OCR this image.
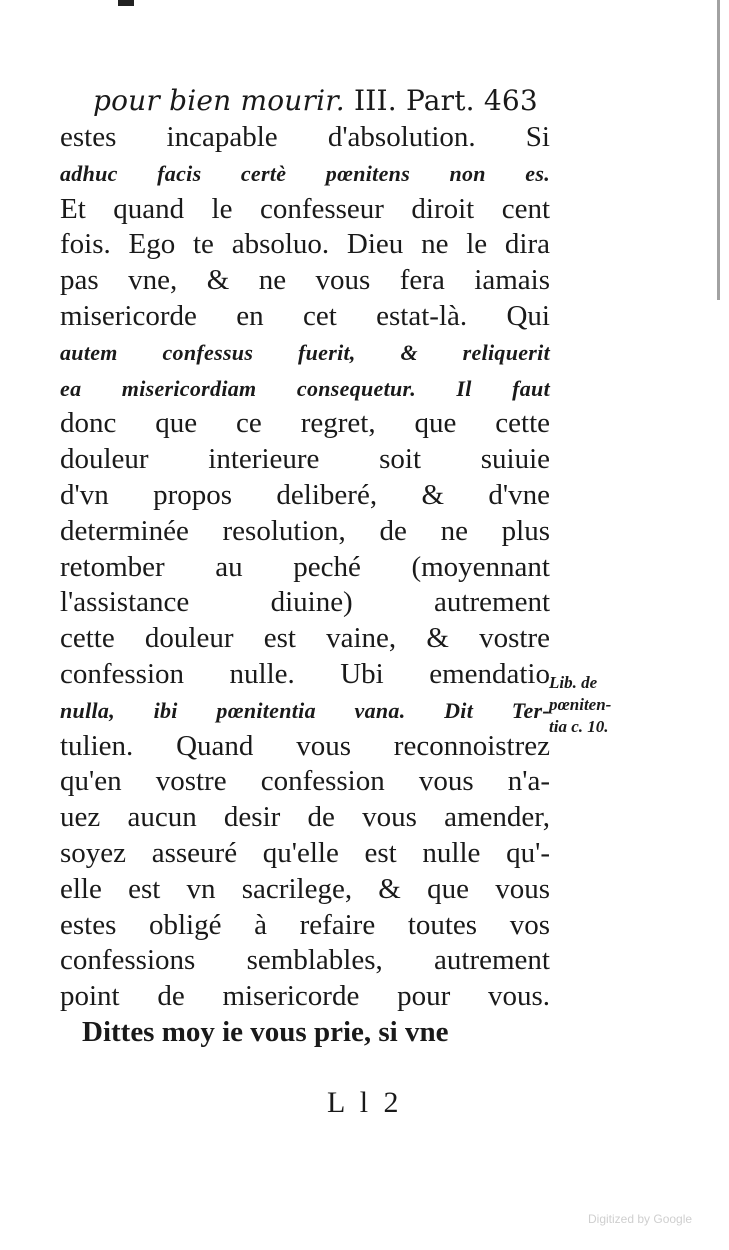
pour bien mourir. III. Part. 463
estes incapable d'absolution. Si
adhuc facis certè pœnitens non es.
Et quand le confesseur diroit cent
fois. Ego te absoluo. Dieu ne le dira
pas vne, & ne vous fera iamais
misericorde en cet estat-là. Qui
autem confessus fuerit, & reliquerit
ea misericordiam consequetur. Il faut
donc que ce regret, que cette
douleur interieure soit suiuie
d'vn propos deliberé, & d'vne
determinée resolution, de ne plus
retomber au peché (moyennant
l'assistance diuine) autrement
cette douleur est vaine, & vostre
confession nulle. Ubi emendatio
nulla, ibi pœnitentia vana. Dit Ter-
tulien. Quand vous reconnoistrez
qu'en vostre confession vous n'a-
uez aucun desir de vous amender,
soyez asseuré qu'elle est nulle qu'-
elle est vn sacrilege, & que vous
estes obligé à refaire toutes vos
confessions semblables, autrement
point de misericorde pour vous.
Dittes moy ie vous prie, si vne
Lib. de
pœniten-
tia c. 10.
L l 2
Digitized by Google
